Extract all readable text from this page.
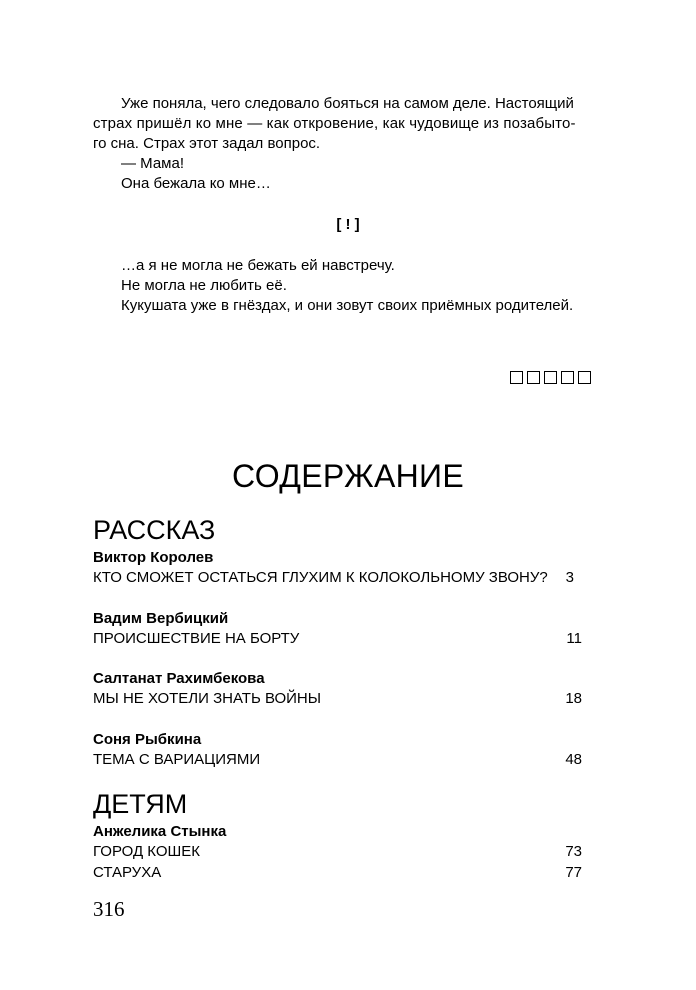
Уже поняла, чего следовало бояться на самом деле. Настоящий
страх пришёл ко мне — как откровение, как чудовище из позабыто-
го сна. Страх этот задал вопрос.
— Мама!
Она бежала ко мне…
[ ! ]
…а я не могла не бежать ей навстречу.
Не могла не любить её.
Кукушата уже в гнёздах, и они зовут своих приёмных родителей.
СОДЕРЖАНИЕ
РАССКАЗ
Виктор Королев
КТО СМОЖЕТ ОСТАТЬСЯ ГЛУХИМ К КОЛОКОЛЬНОМУ ЗВОНУ? 3
Вадим Вербицкий
ПРОИСШЕСТВИЕ НА БОРТУ	11
Салтанат Рахимбекова
МЫ НЕ ХОТЕЛИ ЗНАТЬ ВОЙНЫ	18
Соня Рыбкина
ТЕМА С ВАРИАЦИЯМИ	48
ДЕТЯМ
Анжелика Стынка
ГОРОД КОШЕК	73
СТАРУХА	77
316
